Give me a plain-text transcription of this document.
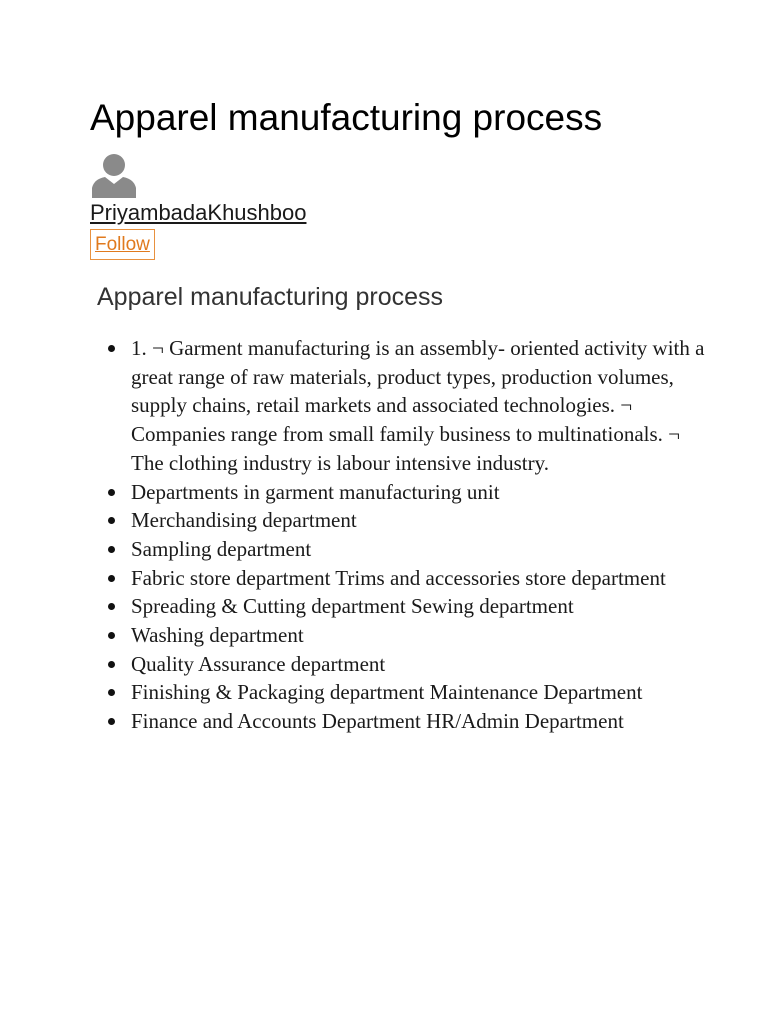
Apparel manufacturing process
PriyambadaKhushboo
Follow
Apparel manufacturing process
1. ¬ Garment manufacturing is an assembly- oriented activity with a great range of raw materials, product types, production volumes, supply chains, retail markets and associated technologies. ¬ Companies range from small family business to multinationals. ¬ The clothing industry is labour intensive industry.
Departments in garment manufacturing unit
Merchandising department
Sampling department
Fabric store department Trims and accessories store department
Spreading & Cutting department Sewing department
Washing department
Quality Assurance department
Finishing & Packaging department Maintenance Department
Finance and Accounts Department HR/Admin Department
